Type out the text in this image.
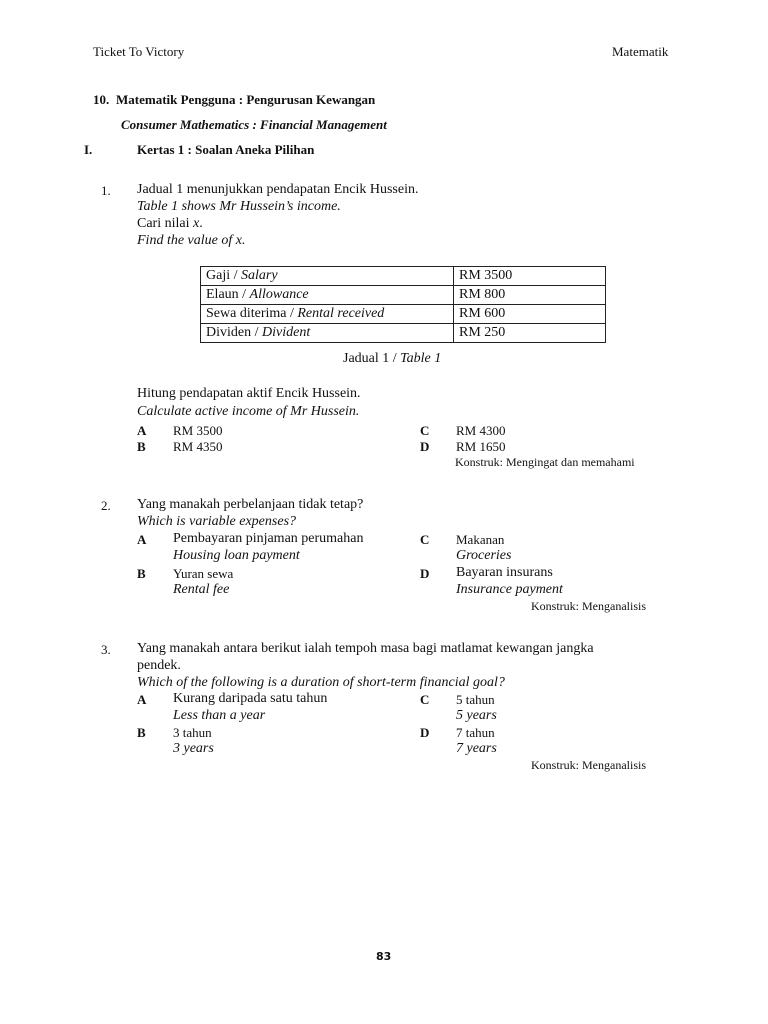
Ticket To Victory	Matematik
10. Matematik Pengguna : Pengurusan Kewangan
Consumer Mathematics : Financial Management
I.	Kertas 1 : Soalan Aneka Pilihan
1. Jadual 1 menunjukkan pendapatan Encik Hussein.
Table 1 shows Mr Hussein’s income.
Cari nilai x.
Find the value of x.
Gaji / Salary	RM 3500
Elaun / Allowance	RM 800
Sewa diterima / Rental received	RM 600
Dividen / Divident	RM 250
Jadual 1 / Table 1
Hitung pendapatan aktif Encik Hussein.
Calculate active income of Mr Hussein.
A RM 3500	C RM 4300
B RM 4350	D RM 1650
Konstruk: Mengingat dan memahami
2. Yang manakah perbelanjaan tidak tetap?
Which is variable expenses?
A Pembayaran pinjaman perumahan
Housing loan payment
C Makanan
Groceries
B Yuran sewa
Rental fee
D Bayaran insurans
Insurance payment
Konstruk: Menganalisis
3. Yang manakah antara berikut ialah tempoh masa bagi matlamat kewangan jangka
pendek.
Which of the following is a duration of short-term financial goal?
A Kurang daripada satu tahun
Less than a year
C 5 tahun
5 years
B 3 tahun
3 years
D 7 tahun
7 years
Konstruk: Menganalisis
83
